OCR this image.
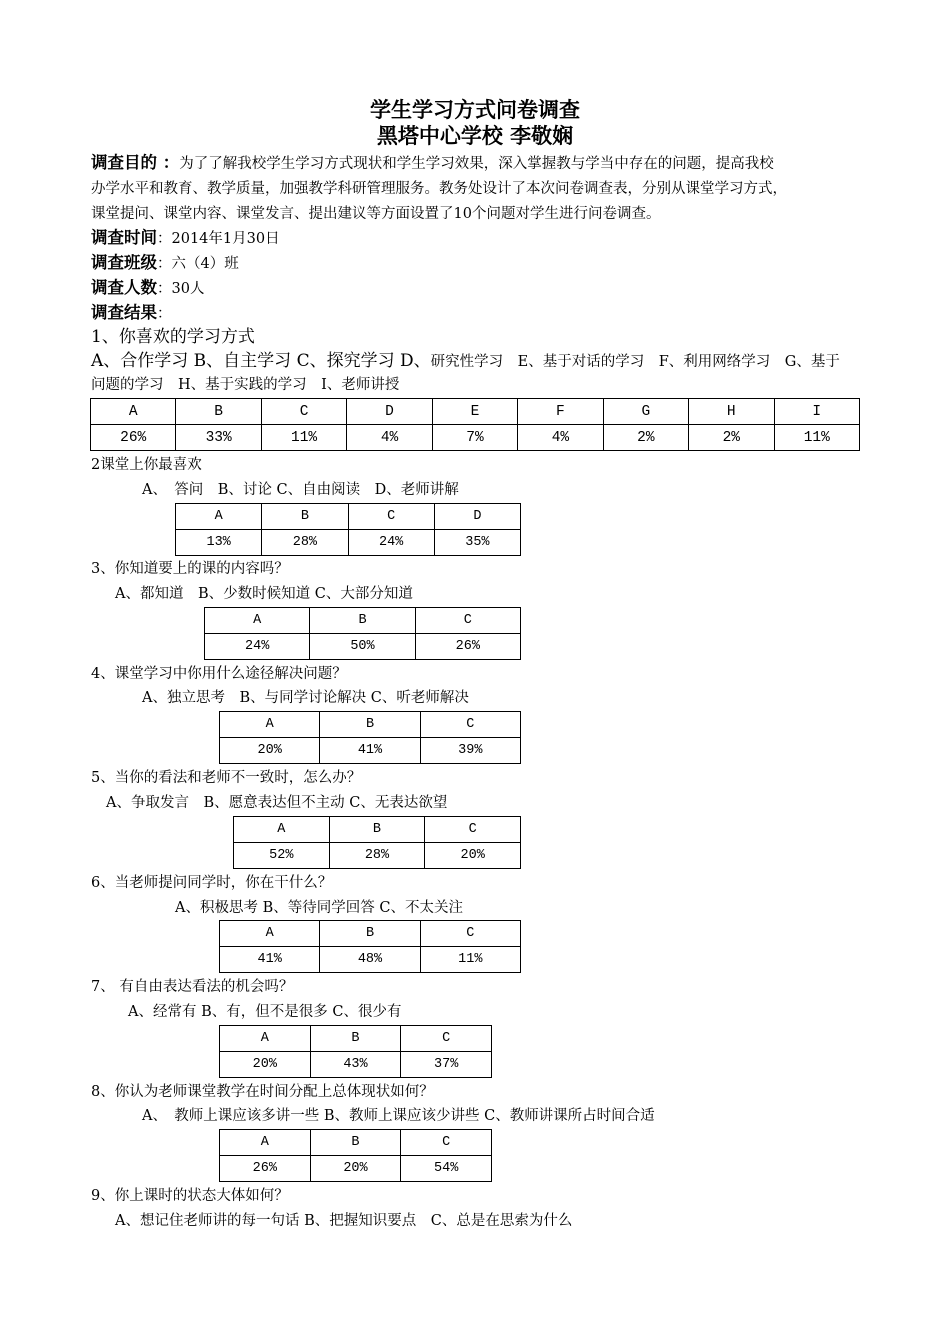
学生学习方式问卷调查
黑塔中心学校 李敬娴
调查目的 ：为了了解我校学生学习方式现状和学生学习效果，深入掌握教与学当中存在的问题，提高我校
办学水平和教育、教学质量，加强教学科研管理服务。教务处设计了本次问卷调查表，分别从课堂学习方式，
课堂提问、课堂内容、课堂发言、提出建议等方面设置了10个问题对学生进行问卷调查。
调查时间：2014年1月30日
调查班级：六（4）班
调查人数：30人
调查结果：
1、你喜欢的学习方式
A、合作学习 B、自主学习 C、探究学习 D、研究性学习　E、基于对话的学习　F、利用网络学习　G、基于
问题的学习　H、基于实践的学习　I、老师讲授
A	B	C	D	E	F	G	H	I
26%	33%	11%	4%	7%	4%	2%	2%	11%
2课堂上你最喜欢
A、　答问　B、讨论 C、自由阅读　D、老师讲解
A	B	C	D
13%	28%	24%	35%
3、你知道要上的课的内容吗？
A、都知道　B、少数时候知道 C、大部分知道
A	B	C
24%	50%	26%
4、课堂学习中你用什么途径解决问题？
A、独立思考　B、与同学讨论解决 C、听老师解决
A	B	C
20%	41%	39%
5、当你的看法和老师不一致时，怎么办？
A、争取发言　B、愿意表达但不主动 C、无表达欲望
A	B	C
52%	28%	20%
6、当老师提问同学时，你在干什么？
A、积极思考 B、等待同学回答 C、不太关注
A	B	C
41%	48%	11%
7、 有自由表达看法的机会吗？
A、经常有 B、有，但不是很多 C、很少有
A	B	C
20%	43%	37%
8、你认为老师课堂教学在时间分配上总体现状如何？
A、　教师上课应该多讲一些 B、教师上课应该少讲些 C、教师讲课所占时间合适
A	B	C
26%	20%	54%
9、你上课时的状态大体如何？
A、想记住老师讲的每一句话 B、把握知识要点　C、总是在思索为什么
